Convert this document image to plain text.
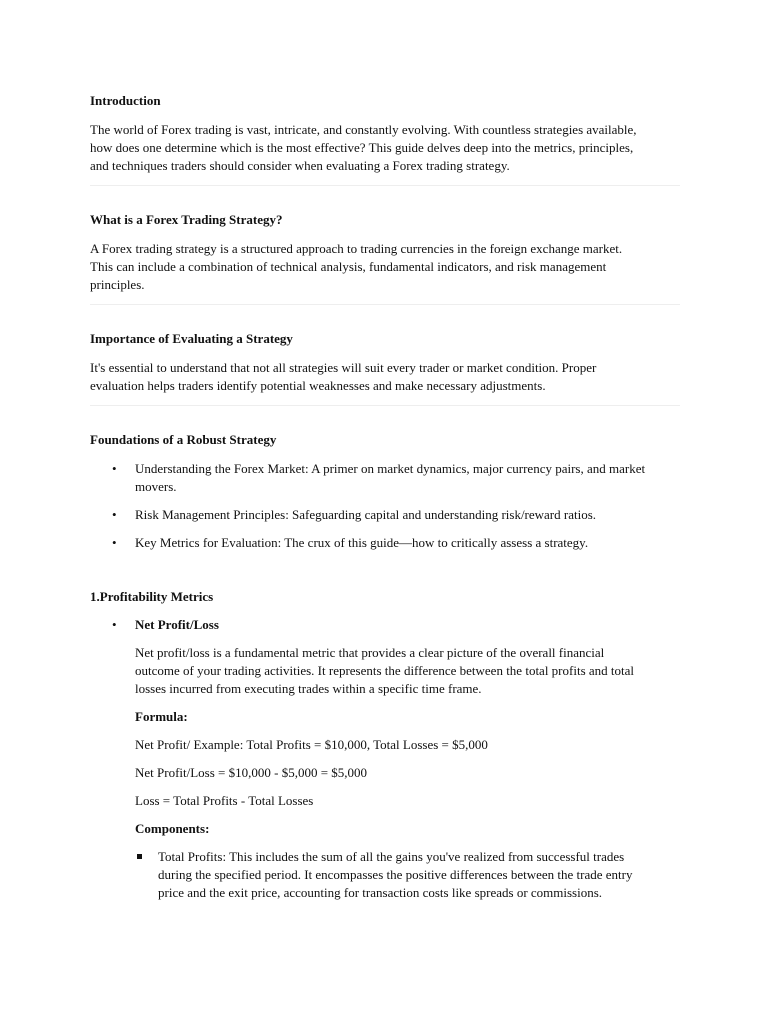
Introduction

The world of Forex trading is vast, intricate, and constantly evolving. With countless strategies available,
how does one determine which is the most effective? This guide delves deep into the metrics, principles,
and techniques traders should consider when evaluating a Forex trading strategy.

What is a Forex Trading Strategy?

A Forex trading strategy is a structured approach to trading currencies in the foreign exchange market.
This can include a combination of technical analysis, fundamental indicators, and risk management
principles.

Importance of Evaluating a Strategy

It's essential to understand that not all strategies will suit every trader or market condition. Proper
evaluation helps traders identify potential weaknesses and make necessary adjustments.

Foundations of a Robust Strategy
•	Understanding the Forex Market: A primer on market dynamics, major currency pairs, and market
movers.
•	Risk Management Principles: Safeguarding capital and understanding risk/reward ratios.
•	Key Metrics for Evaluation: The crux of this guide—how to critically assess a strategy.
1.Profitability Metrics
•	Net Profit/Loss

Net profit/loss is a fundamental metric that provides a clear picture of the overall financial
outcome of your trading activities. It represents the difference between the total profits and total
losses incurred from executing trades within a specific time frame.

Formula:

Net Profit/ Example: Total Profits = $10,000, Total Losses = $5,000

Net Profit/Loss = $10,000 - $5,000 = $5,000

Loss = Total Profits - Total Losses

Components:

Total Profits: This includes the sum of all the gains you've realized from successful trades
during the specified period. It encompasses the positive differences between the trade entry
price and the exit price, accounting for transaction costs like spreads or commissions.
